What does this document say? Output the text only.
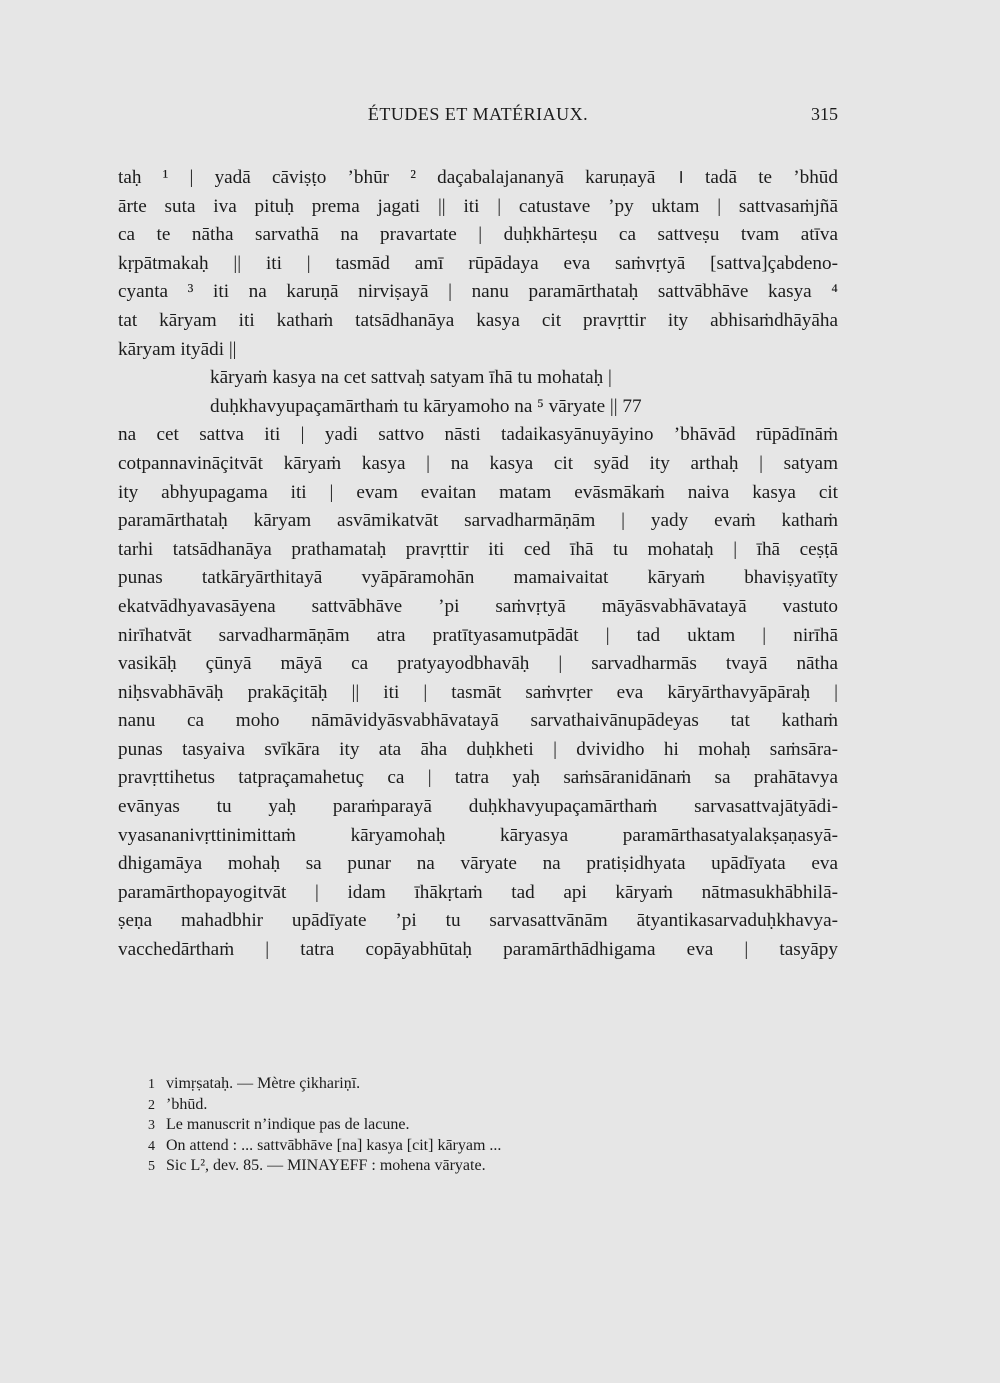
ÉTUDES ET MATÉRIAUX.	315
taḥ ¹ | yadā cāviṣṭo ’bhūr ² daçabalajananyā karuṇayā । tadā te ’bhūd
ārte suta iva pituḥ prema jagati || iti | catustave ’py uktam | sattvasaṁjñā
ca te nātha sarvathā na pravartate | duḥkhārteṣu ca sattveṣu tvam atīva
kṛpātmakaḥ || iti | tasmād amī rūpādaya eva saṁvṛtyā [sattva]çabdeno-
cyanta ³ iti na karuṇā nirviṣayā | nanu paramārthataḥ sattvābhāve kasya ⁴
tat kāryam iti kathaṁ tatsādhanāya kasya cit pravṛttir ity abhisaṁdhāyāha
kāryam ityādi ||
kāryaṁ kasya na cet sattvaḥ satyam īhā tu mohataḥ |
duḥkhavyupaçamārthaṁ tu kāryamoho na ⁵ vāryate || 77
na cet sattva iti | yadi sattvo nāsti tadaikasyānuyāyino ’bhāvād rūpādīnāṁ
cotpannavināçitvāt kāryaṁ kasya | na kasya cit syād ity arthaḥ | satyam
ity abhyupagama iti | evam evaitan matam evāsmākaṁ naiva kasya cit
paramārthataḥ kāryam asvāmikatvāt sarvadharmāṇām | yady evaṁ kathaṁ
tarhi tatsādhanāya prathamataḥ pravṛttir iti ced īhā tu mohataḥ | īhā ceṣṭā
punas tatkāryārthitayā vyāpāramohān mamaivaitat kāryaṁ bhaviṣyatīty
ekatvādhyavasāyena sattvābhāve ’pi saṁvṛtyā māyāsvabhāvatayā vastuto
nirīhatvāt sarvadharmāṇām atra pratītyasamutpādāt | tad uktam | nirīhā
vasikāḥ çūnyā māyā ca pratyayodbhavāḥ | sarvadharmās tvayā nātha
niḥsvabhāvāḥ prakāçitāḥ || iti | tasmāt saṁvṛter eva kāryārthavyāpāraḥ |
nanu ca moho nāmāvidyāsvabhāvatayā sarvathaivānupādeyas tat kathaṁ
punas tasyaiva svīkāra ity ata āha duḥkheti | dvividho hi mohaḥ saṁsāra-
pravṛttihetus tatpraçamahetuç ca | tatra yaḥ saṁsāranidānaṁ sa prahātavya
evānyas tu yaḥ paraṁparayā duḥkhavyupaçamārthaṁ sarvasattvajātyādi-
vyasananivṛttinimittaṁ kāryamohaḥ kāryasya paramārthasatyalakṣaṇasyā-
dhigamāya mohaḥ sa punar na vāryate na pratiṣidhyata upādīyata eva
paramārthopayogitvāt | idam īhākṛtaṁ tad api kāryaṁ nātmasukhābhilā-
ṣeṇa mahadbhir upādīyate ’pi tu sarvasattvānām ātyantikasarvaduḥkhavya-
vacchedārthaṁ | tatra copāyabhūtaḥ paramārthādhigama eva | tasyāpy
1 vimṛṣataḥ. — Mètre çikhariṇī.
2 ’bhūd.
3 Le manuscrit n’indique pas de lacune.
4 On attend : ... sattvābhāve [na] kasya [cit] kāryam ...
5 Sic L², dev. 85. — MINAYEFF : mohena vāryate.
